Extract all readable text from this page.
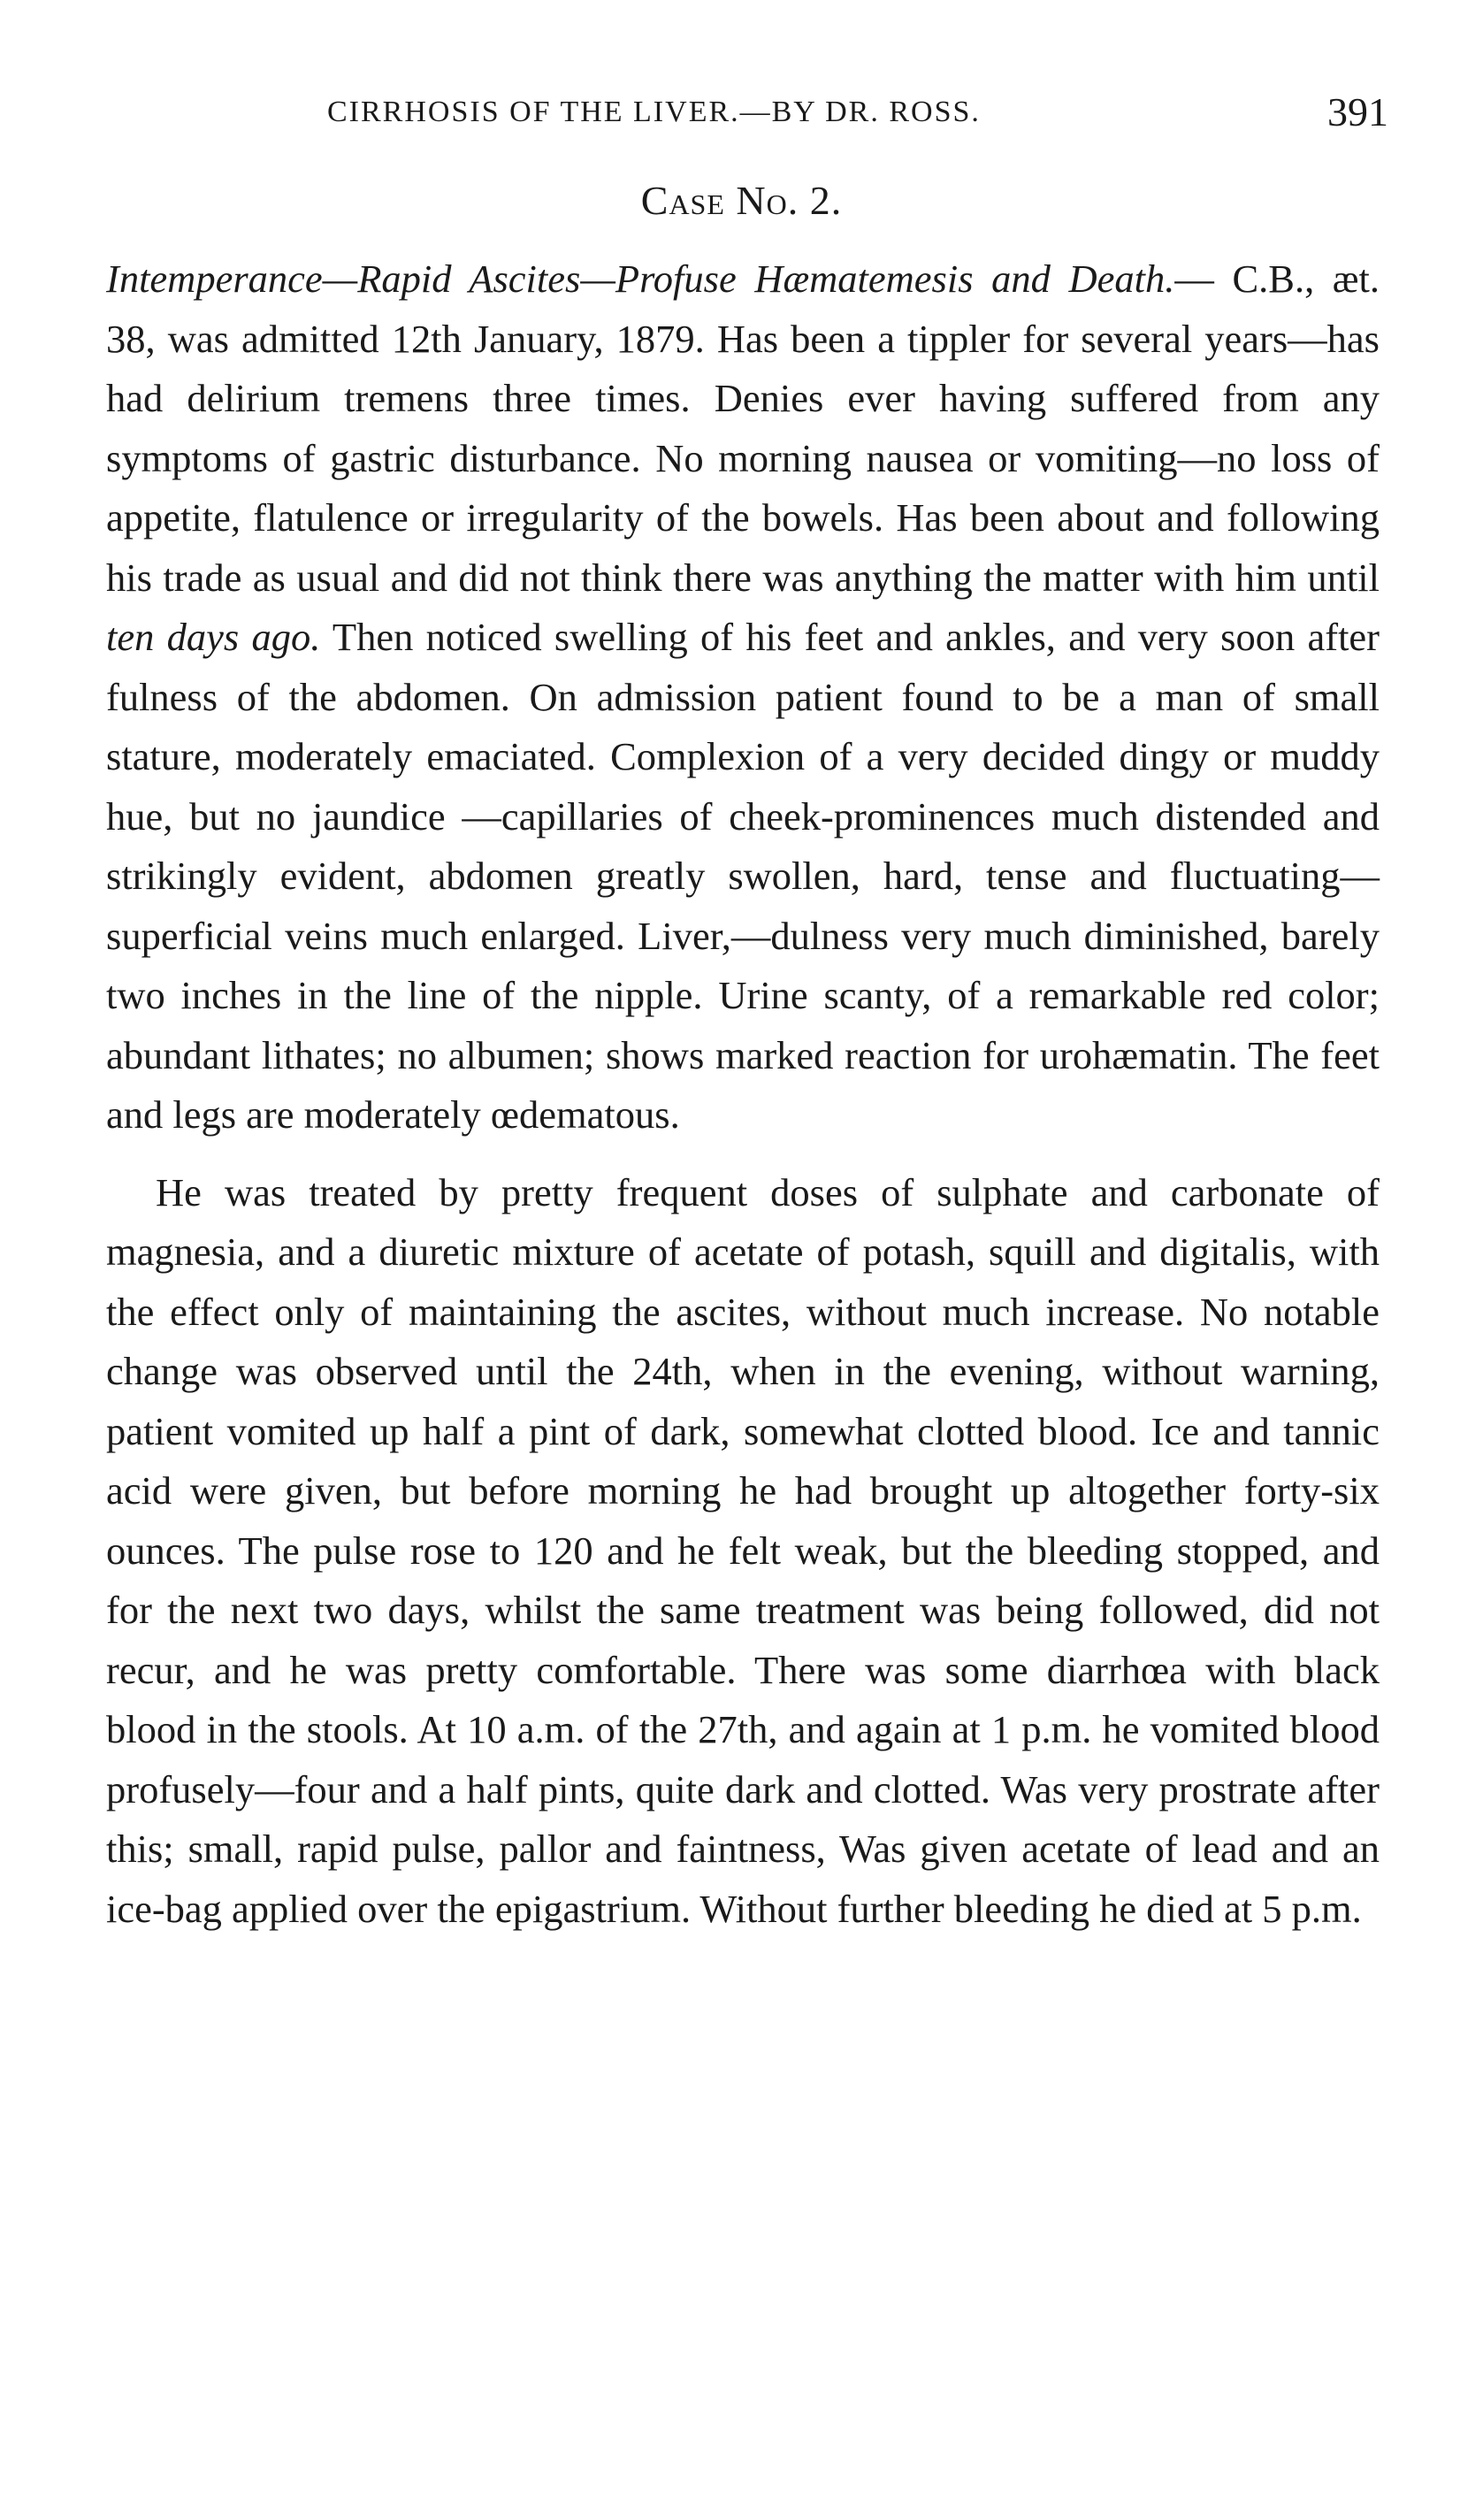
CIRRHOSIS OF THE LIVER.—BY DR. ROSS.	391
Case No. 2.

Intemperance—Rapid Ascites—Profuse Hæmatemesis and Death.— C.B., æt. 38, was admitted 12th January, 1879. Has been a tippler for several years—has had delirium tremens three times. Denies ever having suffered from any symptoms of gastric disturbance. No morning nausea or vomiting—no loss of appetite, flatulence or irregularity of the bowels. Has been about and following his trade as usual and did not think there was anything the matter with him until ten days ago. Then noticed swelling of his feet and ankles, and very soon after fulness of the abdomen. On admission patient found to be a man of small stature, moderately emaciated. Complexion of a very decided dingy or muddy hue, but no jaundice —capillaries of cheek-prominences much distended and strikingly evident, abdomen greatly swollen, hard, tense and fluctuating—superficial veins much enlarged. Liver,—dulness very much diminished, barely two inches in the line of the nipple. Urine scanty, of a remarkable red color; abundant lithates; no albumen; shows marked reaction for urohæmatin. The feet and legs are moderately œdematous.

He was treated by pretty frequent doses of sulphate and carbonate of magnesia, and a diuretic mixture of acetate of potash, squill and digitalis, with the effect only of maintaining the ascites, without much increase. No notable change was observed until the 24th, when in the evening, without warning, patient vomited up half a pint of dark, somewhat clotted blood. Ice and tannic acid were given, but before morning he had brought up altogether forty-six ounces. The pulse rose to 120 and he felt weak, but the bleeding stopped, and for the next two days, whilst the same treatment was being followed, did not recur, and he was pretty comfortable. There was some diarrhœa with black blood in the stools. At 10 a.m. of the 27th, and again at 1 p.m. he vomited blood profusely—four and a half pints, quite dark and clotted. Was very prostrate after this; small, rapid pulse, pallor and faintness, Was given acetate of lead and an ice-bag applied over the epigastrium. Without further bleeding he died at 5 p.m.
